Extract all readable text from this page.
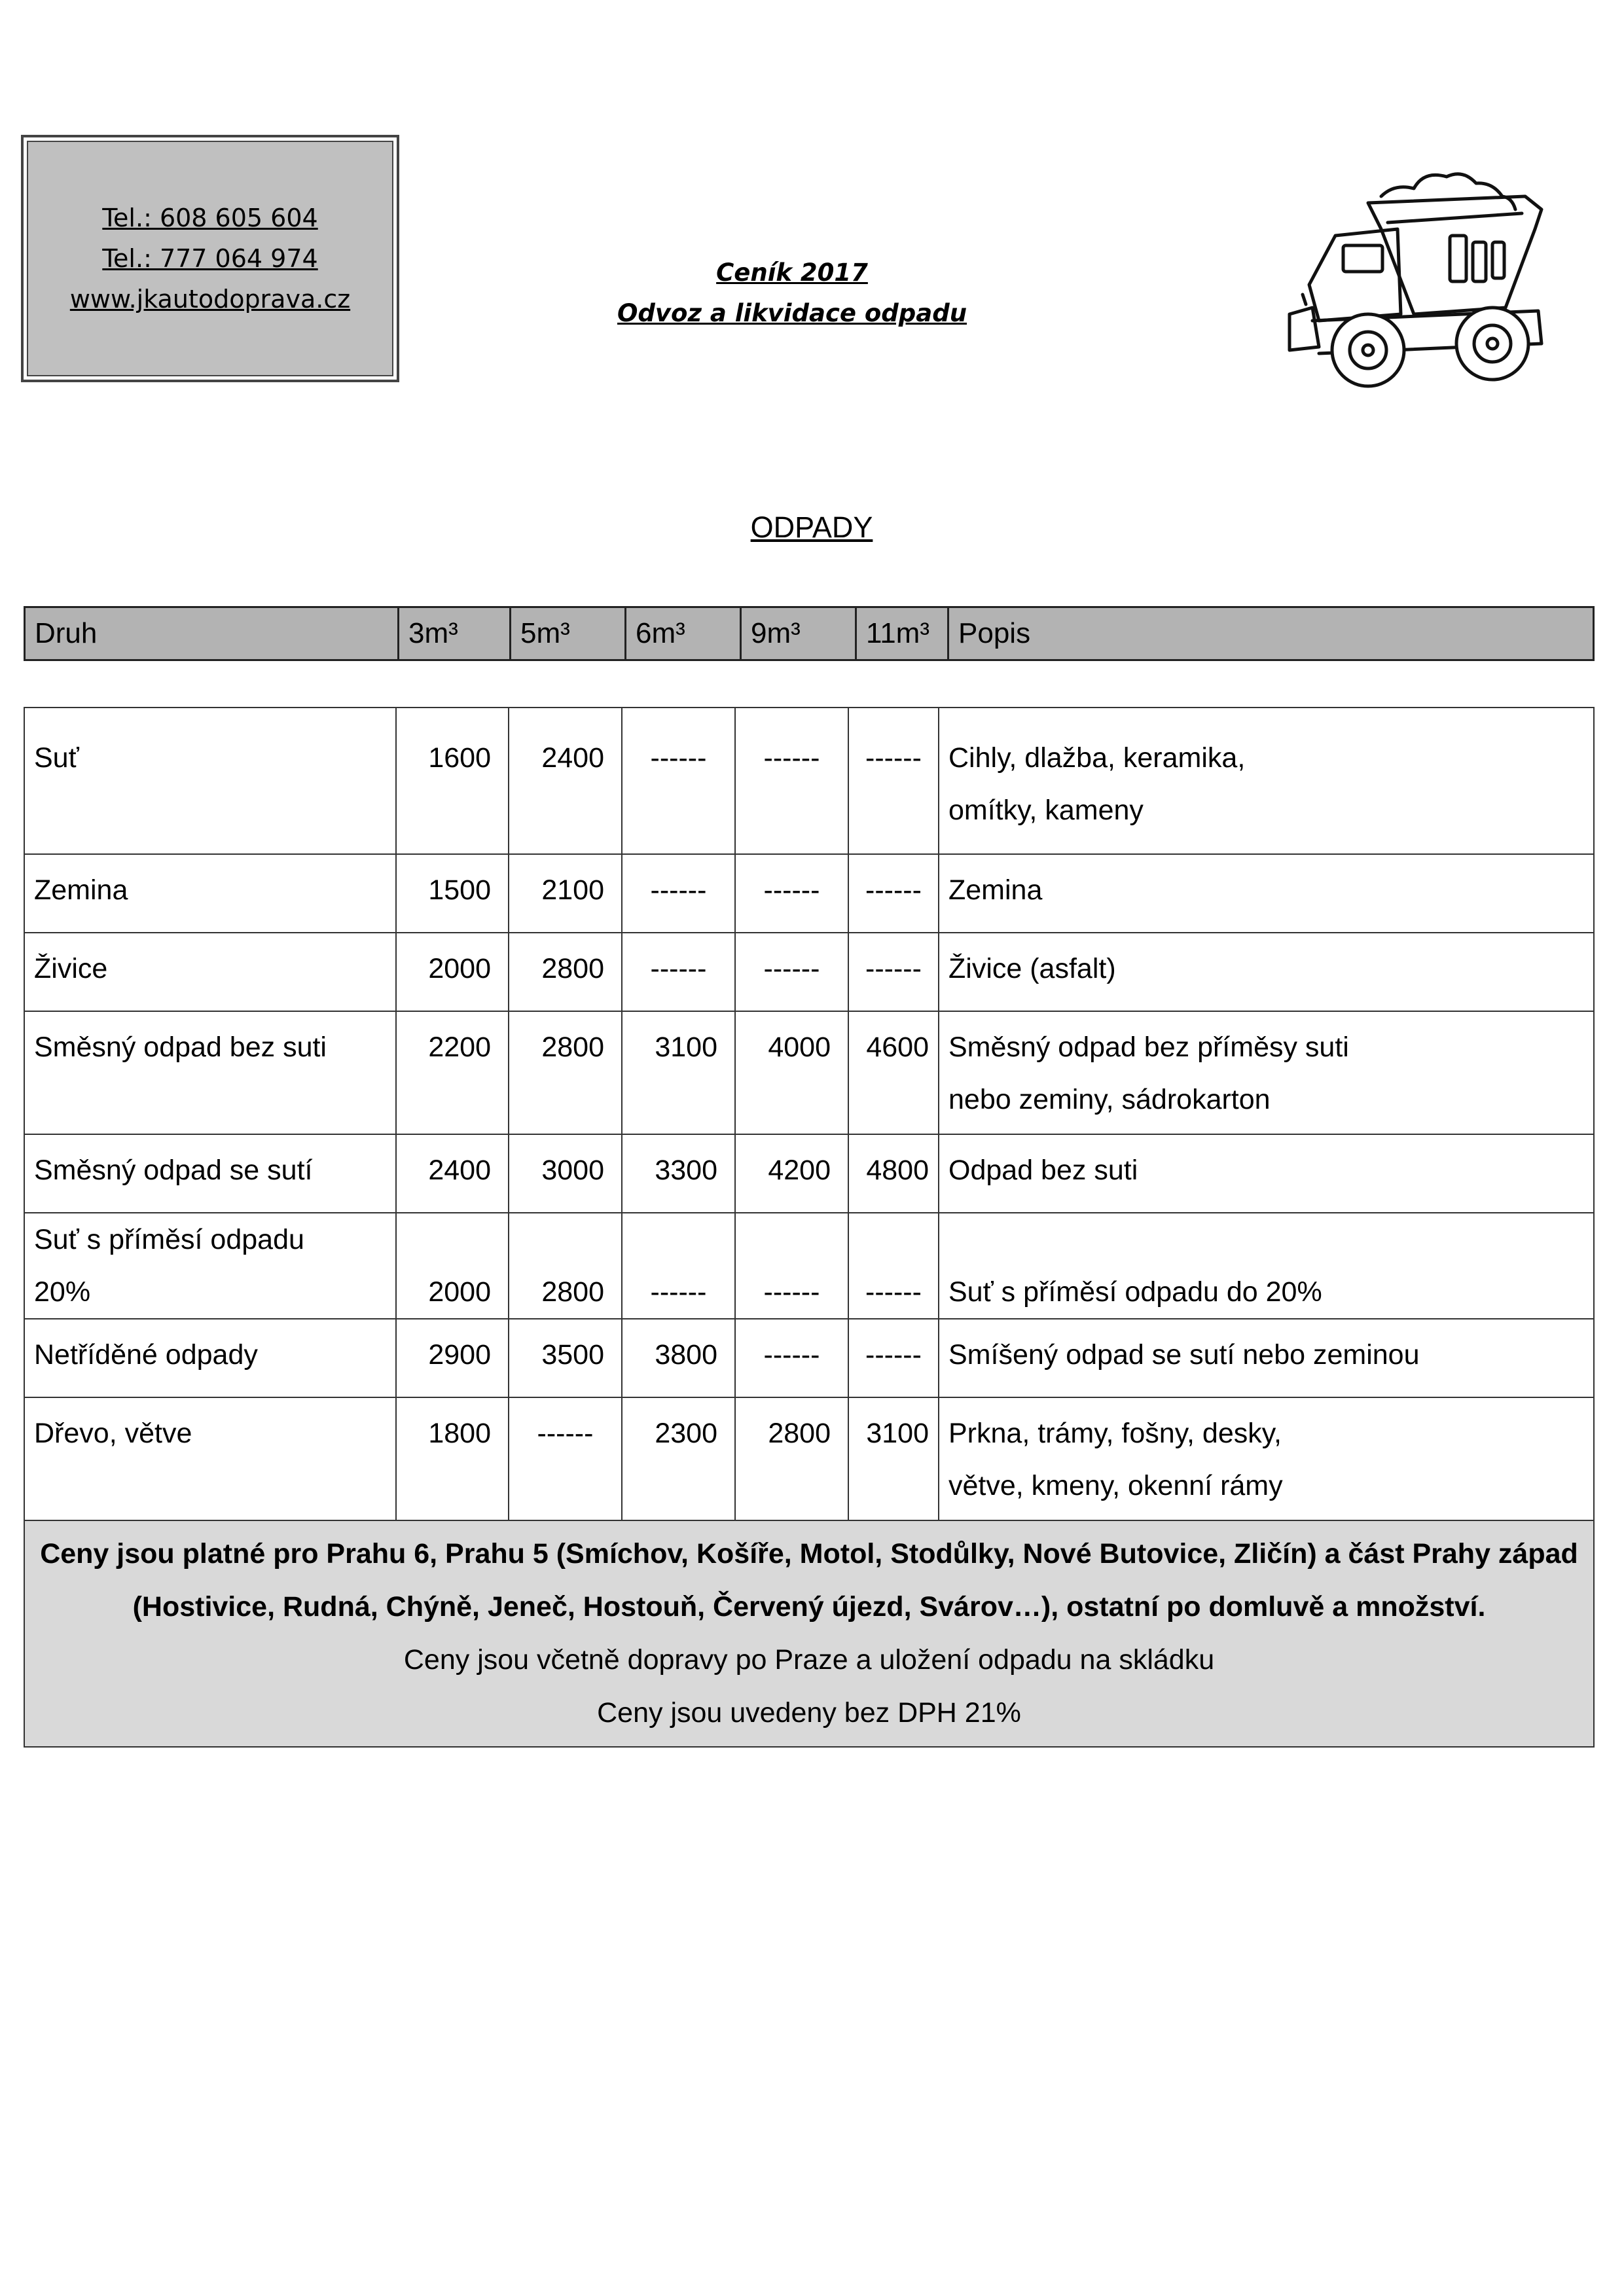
Tel.: 608 605 604
Tel.: 777 064 974
www.jkautodoprava.cz
Ceník 2017
Odvoz a likvidace odpadu
ODPADY
Druh	3m³	5m³	6m³	9m³	11m³	Popis
Suť	1600	2400	------	------	------	Cihly, dlažba, keramika,
omítky, kameny

Zemina	1500	2100	------	------	------	Zemina
Živice	2000	2800	------	------	------	Živice (asfalt)
Směsný odpad bez suti	2200	2800	3100	4000	4600	Směsný odpad bez příměsy suti
nebo zeminy, sádrokarton

Směsný odpad se sutí	2400	3000	3300	4200	4800	Odpad bez suti

Suť s příměsí odpadu
20%	2000	2800	------	------	------	Suť s příměsí odpadu do 20%
Netříděné odpady	2900	3500	3800	------	------	Smíšený odpad se sutí nebo zeminou
Dřevo, větve	1800	------	2300	2800	3100	Prkna, trámy, fošny, desky,
větve, kmeny, okenní rámy

Ceny jsou platné pro Prahu 6, Prahu 5 (Smíchov, Košíře, Motol, Stodůlky, Nové Butovice, Zličín) a část Prahy západ
(Hostivice, Rudná, Chýně, Jeneč, Hostouň, Červený újezd, Svárov…), ostatní po domluvě a množství.
Ceny jsou včetně dopravy po Praze a uložení odpadu na skládku
Ceny jsou uvedeny bez DPH 21%						
